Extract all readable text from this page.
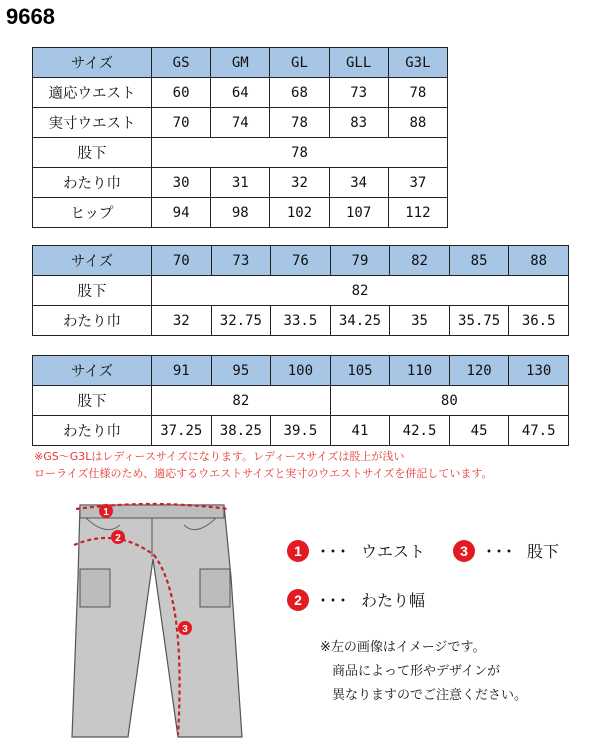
9668
サイズ	GS	GM	GL	GLL	G3L
適応ウエスト	60	64	68	73	78
実寸ウエスト	70	74	78	83	88
股下	78				
わたり巾	30	31	32	34	37
ヒップ	94	98	102	107	112
サイズ	70	73	76	79	82	85	88
股下	82						
わたり巾	32	32.75	33.5	34.25	35	35.75	36.5
サイズ	91	95	100	105	110	120	130
股下	82			80			
わたり巾	37.25	38.25	39.5	41	42.5	45	47.5
※GS～G3Lはレディースサイズになります。レディースサイズは股上が浅い
ローライズ仕様のため、適応するウエストサイズと実寸のウエストサイズを併記しています。
1
2
3
1	･･･ ウエスト	3	･･･ 股下
2	･･･ わたり幅
※左の画像はイメージです。
商品によって形やデザインが
異なりますのでご注意ください。
